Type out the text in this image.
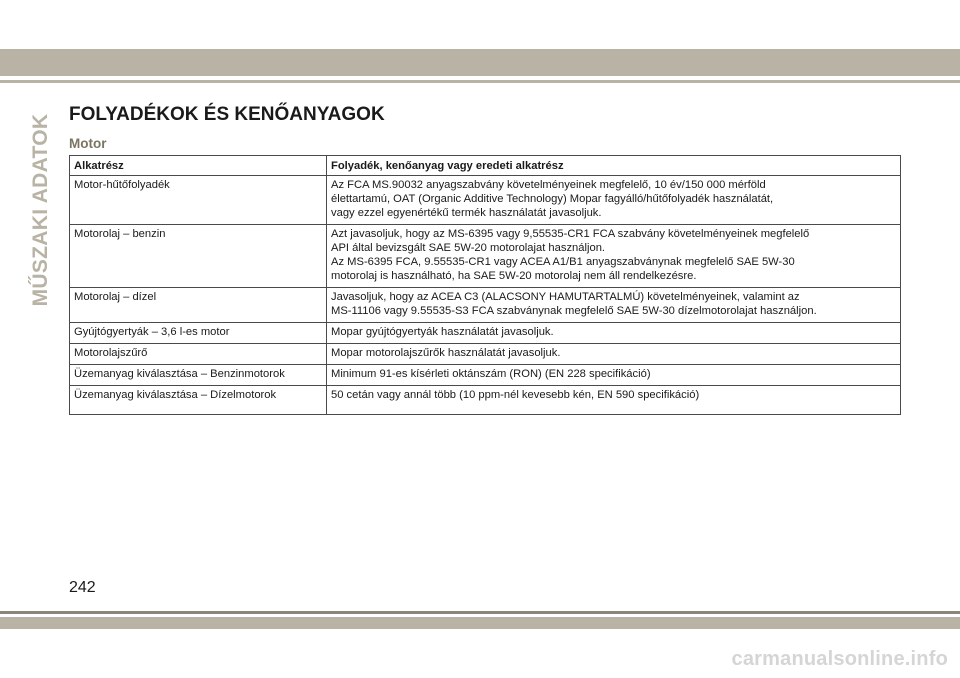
MŰSZAKI ADATOK FOLYADÉKOK ÉS KENŐANYAGOK
Motor
Alkatrész	Folyadék, kenőanyag vagy eredeti alkatrész
Motor-hűtőfolyadék	Az FCA MS.90032 anyagszabvány követelményeinek megfelelő, 10 év/150 000 mérföld
élettartamú, OAT (Organic Additive Technology) Mopar fagyálló/hűtőfolyadék használatát,
vagy ezzel egyenértékű termék használatát javasoljuk.

Motorolaj – benzin	Azt javasoljuk, hogy az MS-6395 vagy 9,55535-CR1 FCA szabvány követelményeinek megfelelő
API által bevizsgált SAE 5W-20 motorolajat használjon.
Az MS-6395 FCA, 9.55535-CR1 vagy ACEA A1/B1 anyagszabványnak megfelelő SAE 5W-30
motorolaj is használható, ha SAE 5W-20 motorolaj nem áll rendelkezésre.

Motorolaj – dízel	Javasoljuk, hogy az ACEA C3 (ALACSONY HAMUTARTALMÚ) követelményeinek, valamint az
MS-11106 vagy 9.55535-S3 FCA szabványnak megfelelő SAE 5W-30 dízelmotorolajat használjon.

Gyújtógyertyák – 3,6 l-es motor	Mopar gyújtógyertyák használatát javasoljuk.

Motorolajszűrő	Mopar motorolajszűrők használatát javasoljuk.

Üzemanyag kiválasztása – Benzinmotorok	Minimum 91-es kísérleti oktánszám (RON) (EN 228 specifikáció)

Üzemanyag kiválasztása – Dízelmotorok	50 cetán vagy annál több (10 ppm-nél kevesebb kén, EN 590 specifikáció)
242
carmanualsonline.info
